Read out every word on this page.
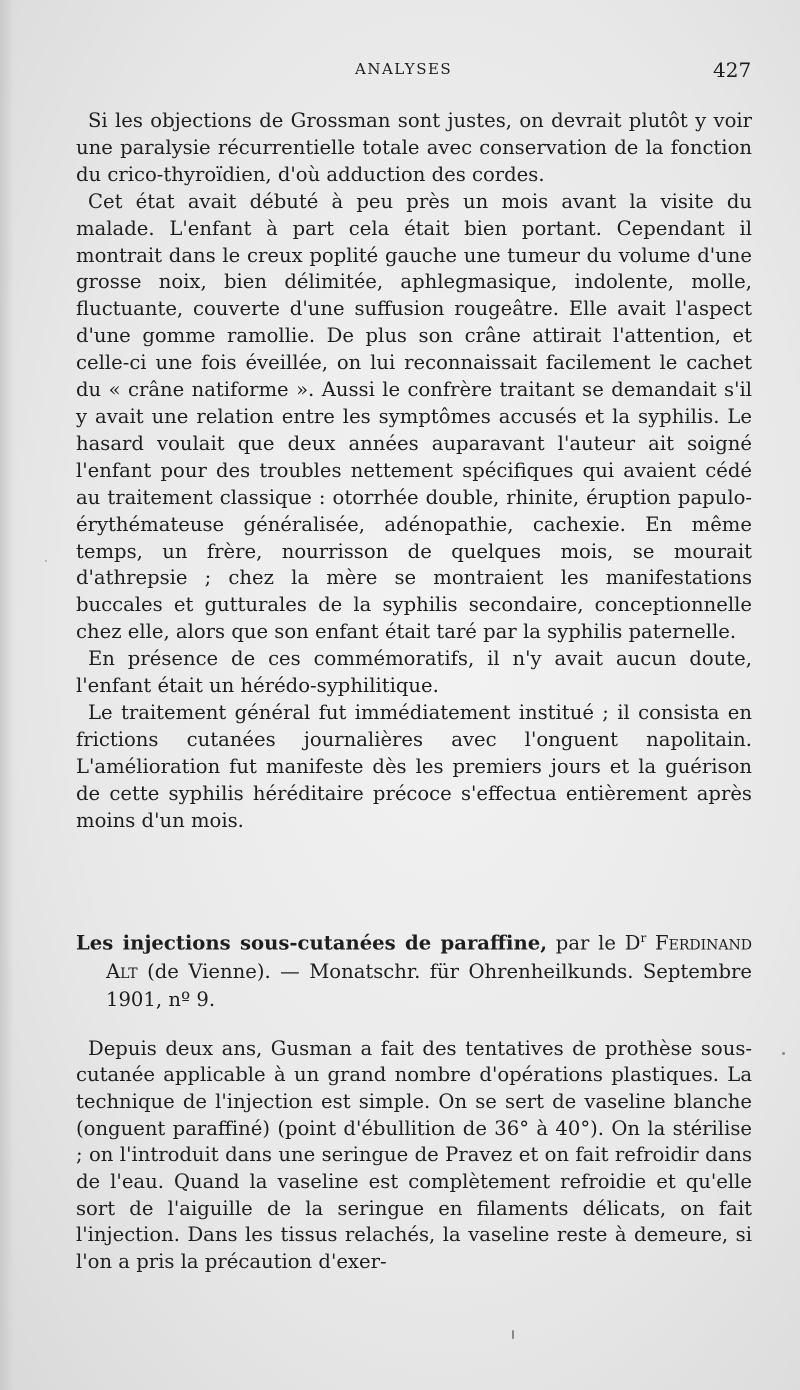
ANALYSES	427

Si les objections de Grossman sont justes, on devrait plutôt y voir une paralysie récurrentielle totale avec conservation de la fonction du crico-thyroïdien, d'où adduction des cordes.

Cet état avait débuté à peu près un mois avant la visite du malade. L'enfant à part cela était bien portant. Cependant il montrait dans le creux poplité gauche une tumeur du volume d'une grosse noix, bien délimitée, aphlegmasique, indolente, molle, fluctuante, couverte d'une suffusion rougeâtre. Elle avait l'aspect d'une gomme ramollie. De plus son crâne attirait l'attention, et celle-ci une fois éveillée, on lui reconnaissait facilement le cachet du « crâne natiforme ». Aussi le confrère traitant se demandait s'il y avait une relation entre les symptômes accusés et la syphilis. Le hasard voulait que deux années auparavant l'auteur ait soigné l'enfant pour des troubles nettement spécifiques qui avaient cédé au traitement classique : otorrhée double, rhinite, éruption papulo-érythémateuse généralisée, adénopathie, cachexie. En même temps, un frère, nourrisson de quelques mois, se mourait d'athrepsie ; chez la mère se montraient les manifestations buccales et gutturales de la syphilis secondaire, conceptionnelle chez elle, alors que son enfant était taré par la syphilis paternelle.

En présence de ces commémoratifs, il n'y avait aucun doute, l'enfant était un hérédo-syphilitique.

Le traitement général fut immédiatement institué ; il consista en frictions cutanées journalières avec l'onguent napolitain. L'amélioration fut manifeste dès les premiers jours et la guérison de cette syphilis héréditaire précoce s'effectua entièrement après moins d'un mois.

Les injections sous-cutanées de paraffine, par le $D^r$ Ferdinand Alt (de Vienne). — Monatschr. für Ohrenheilkunds. Septembre 1901, nº 9.

Depuis deux ans, Gusman a fait des tentatives de prothèse sous-cutanée applicable à un grand nombre d'opérations plastiques. La technique de l'injection est simple. On se sert de vaseline blanche (onguent paraffiné) (point d'ébullition de 36° à 40°). On la stérilise ; on l'introduit dans une seringue de Pravez et on fait refroidir dans de l'eau. Quand la vaseline est complètement refroidie et qu'elle sort de l'aiguille de la seringue en filaments délicats, on fait l'injection. Dans les tissus relachés, la vaseline reste à demeure, si l'on a pris la précaution d'exer-
